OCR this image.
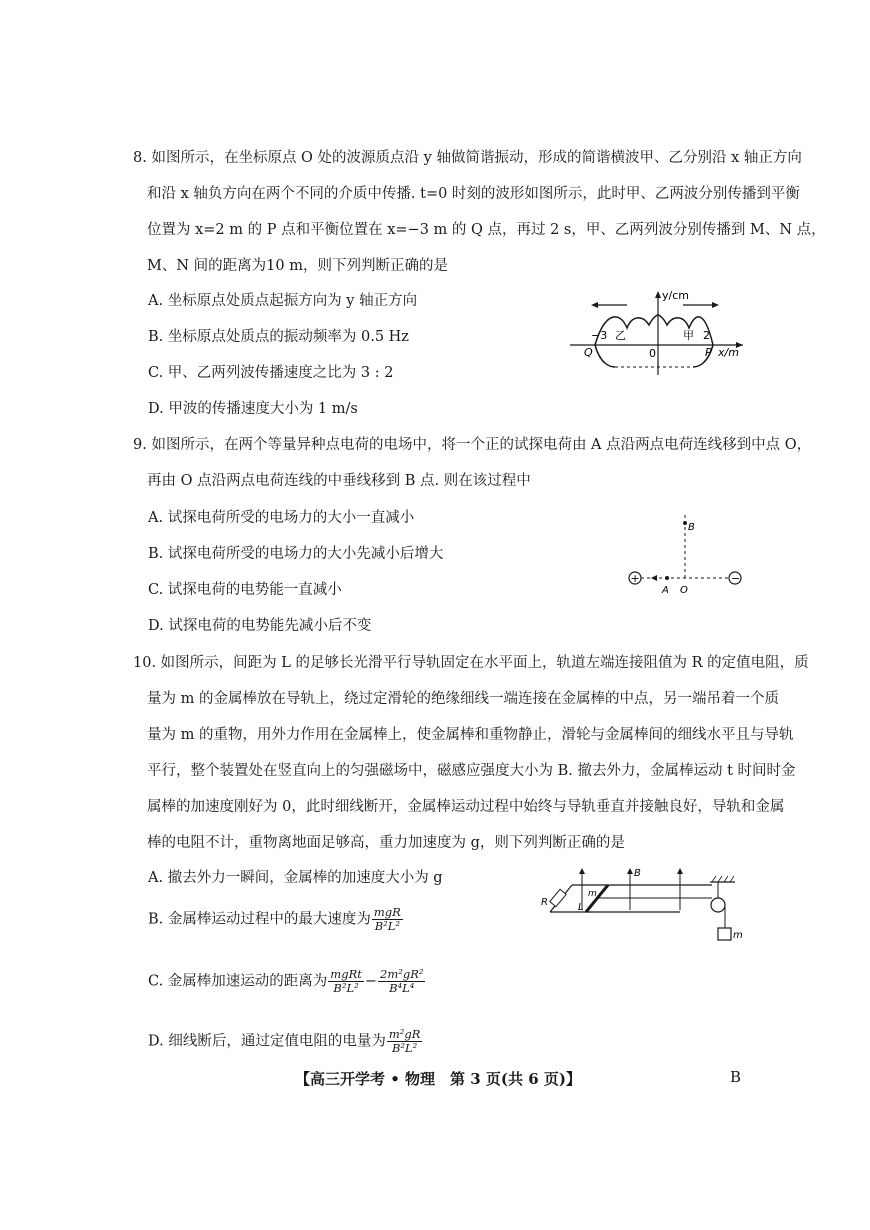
8. 如图所示，在坐标原点 O 处的波源质点沿 y 轴做简谐振动，形成的简谐横波甲、乙分别沿 x 轴正方向
和沿 x 轴负方向在两个不同的介质中传播. t=0 时刻的波形如图所示，此时甲、乙两波分别传播到平衡
位置为 x=2 m 的 P 点和平衡位置在 x=−3 m 的 Q 点，再过 2 s，甲、乙两列波分别传播到 M、N 点，
M、N 间的距离为10 m，则下列判断正确的是
A. 坐标原点处质点起振方向为 y 轴正方向
B. 坐标原点处质点的振动频率为 0.5 Hz
C. 甲、乙两列波传播速度之比为 3 : 2
D. 甲波的传播速度大小为 1 m/s
y/cm
x/m
−3 乙
0
甲 2
Q	P
9. 如图所示，在两个等量异种点电荷的电场中，将一个正的试探电荷由 A 点沿两点电荷连线移到中点 O，
再由 O 点沿两点电荷连线的中垂线移到 B 点. 则在该过程中
A. 试探电荷所受的电场力的大小一直减小
B. 试探电荷所受的电场力的大小先减小后增大
C. 试探电荷的电势能一直减小
D. 试探电荷的电势能先减小后不变
+	−
B
A O
10. 如图所示，间距为 L 的足够长光滑平行导轨固定在水平面上，轨道左端连接阻值为 R 的定值电阻，质
量为 m 的金属棒放在导轨上，绕过定滑轮的绝缘细线一端连接在金属棒的中点，另一端吊着一个质
量为 m 的重物，用外力作用在金属棒上，使金属棒和重物静止，滑轮与金属棒间的细线水平且与导轨
平行，整个装置处在竖直向上的匀强磁场中，磁感应强度大小为 B. 撤去外力，金属棒运动 t 时间时金
属棒的加速度刚好为 0，此时细线断开，金属棒运动过程中始终与导轨垂直并接触良好，导轨和金属
棒的电阻不计，重物离地面足够高，重力加速度为 g，则下列判断正确的是
A. 撤去外力一瞬间，金属棒的加速度大小为 g
B. 金属棒运动过程中的最大速度为 $\frac{\text{mgR}}{\text{B²L²}}$
C. 金属棒加速运动的距离为 $\frac{\text{mgRt}}{\text{B²L²}} - \frac{\text{2m²gR²}}{\text{B⁴L⁴}}$
D. 细线断后，通过定值电阻的电量为 $\frac{\text{m²gR}}{\text{B²L²}}$
R
m
L
B
m
【高三开学考 • 物理　第 3 页(共 6 页)】	B
